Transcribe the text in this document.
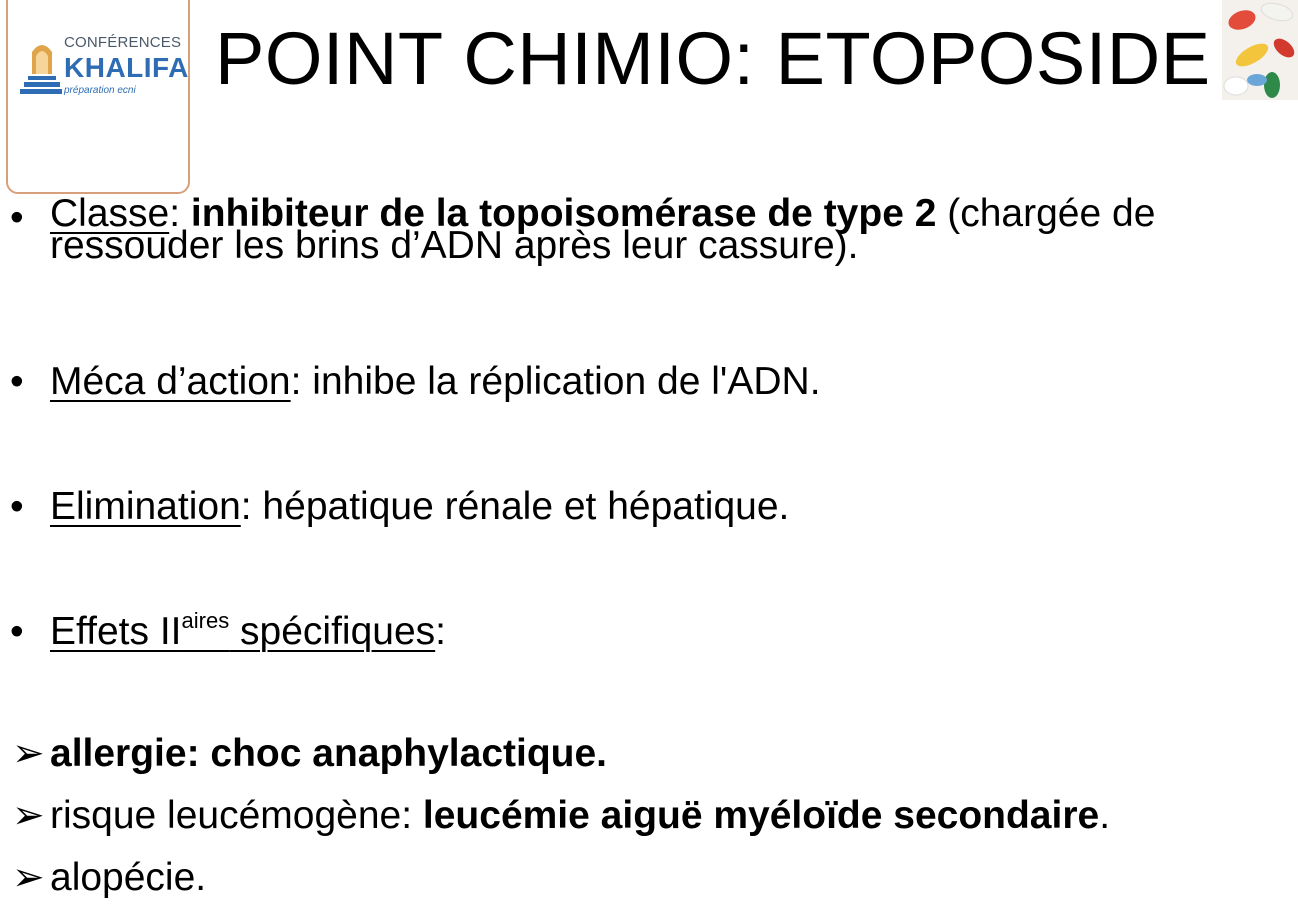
CONFÉRENCES
KHALIFA
préparation ecni POINT CHIMIO: ETOPOSIDE
• Classe: inhibiteur de la topoisomérase de type 2 (chargée de
ressouder les brins d’ADN après leur cassure).
• Méca d’action: inhibe la réplication de l'ADN.
• Elimination: hépatique rénale et hépatique.
• Effets $II^{aires}$ spécifiques:
➢ allergie: choc anaphylactique.
➢ risque leucémogène: leucémie aiguë myéloïde secondaire.
➢ alopécie.
